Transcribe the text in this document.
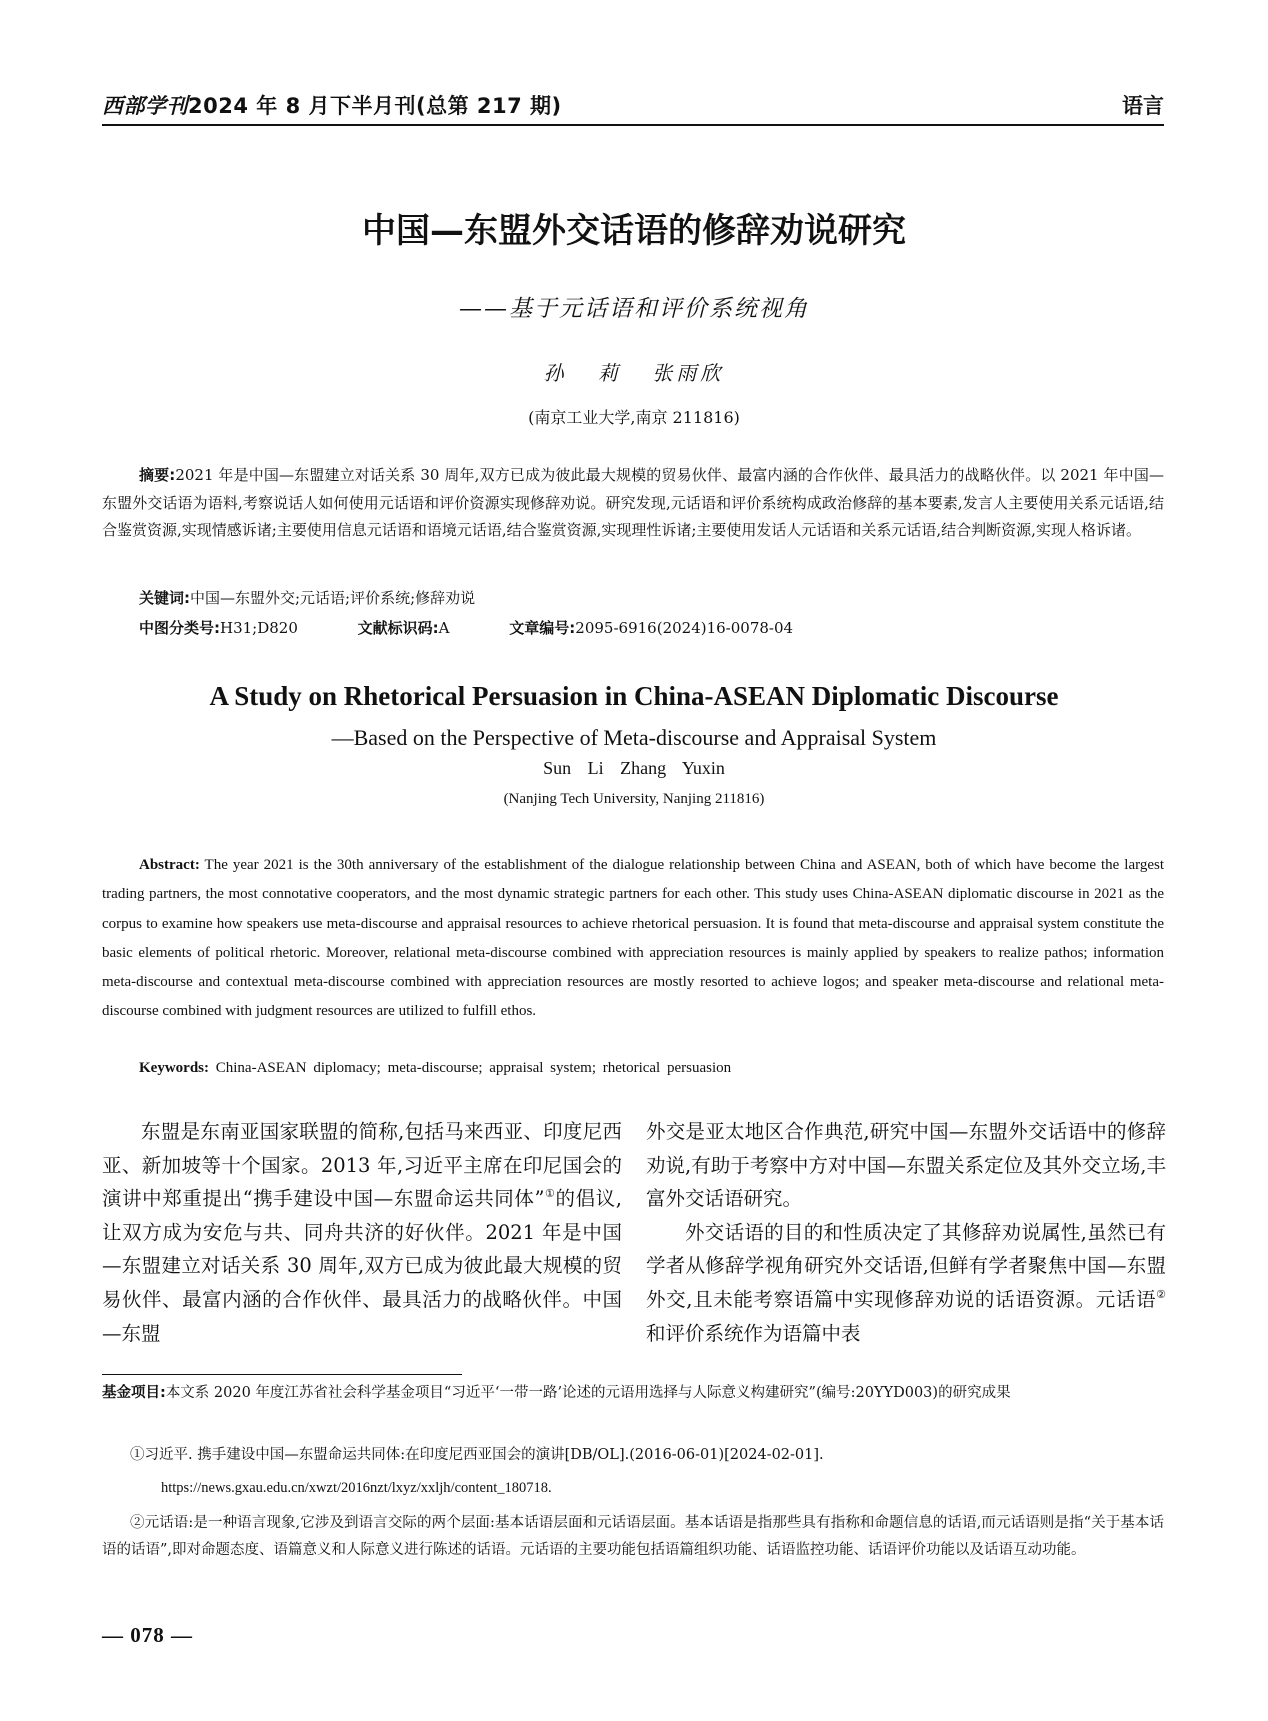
西部学刊2024 年 8 月下半月刊(总第 217 期)	语言
中国—东盟外交话语的修辞劝说研究
——基于元话语和评价系统视角
孙 莉 张雨欣
(南京工业大学,南京 211816)
摘要:2021 年是中国—东盟建立对话关系 30 周年,双方已成为彼此最大规模的贸易伙伴、最富内涵的合作伙伴、最具活力的战略伙伴。以 2021 年中国—东盟外交话语为语料,考察说话人如何使用元话语和评价资源实现修辞劝说。研究发现,元话语和评价系统构成政治修辞的基本要素,发言人主要使用关系元话语,结合鉴赏资源,实现情感诉诸;主要使用信息元话语和语境元话语,结合鉴赏资源,实现理性诉诸;主要使用发话人元话语和关系元话语,结合判断资源,实现人格诉诸。
关键词:中国—东盟外交;元话语;评价系统;修辞劝说
中图分类号:H31;D820	文献标识码:A	文章编号:2095-6916(2024)16-0078-04
A Study on Rhetorical Persuasion in China-ASEAN Diplomatic Discourse
—Based on the Perspective of Meta-discourse and Appraisal System
Sun Li Zhang Yuxin
(Nanjing Tech University, Nanjing 211816)
Abstract: The year 2021 is the 30th anniversary of the establishment of the dialogue relationship between China and ASEAN, both of which have become the largest trading partners, the most connotative cooperators, and the most dynamic strategic partners for each other. This study uses China-ASEAN diplomatic discourse in 2021 as the corpus to examine how speakers use meta-discourse and appraisal resources to achieve rhetorical persuasion. It is found that meta-discourse and appraisal system constitute the basic elements of political rhetoric. Moreover, relational meta-discourse combined with appreciation resources is mainly applied by speakers to realize pathos; information meta-discourse and contextual meta-discourse combined with appreciation resources are mostly resorted to achieve logos; and speaker meta-discourse and relational meta-discourse combined with judgment resources are utilized to fulfill ethos.
Keywords: China-ASEAN diplomacy; meta-discourse; appraisal system; rhetorical persuasion

东盟是东南亚国家联盟的简称,包括马来西亚、印度尼西亚、新加坡等十个国家。2013 年,习近平主席在印尼国会的演讲中郑重提出“携手建设中国—东盟命运共同体”①的倡议,让双方成为安危与共、同舟共济的好伙伴。2021 年是中国—东盟建立对话关系 30 周年,双方已成为彼此最大规模的贸易伙伴、最富内涵的合作伙伴、最具活力的战略伙伴。中国—东盟

外交是亚太地区合作典范,研究中国—东盟外交话语中的修辞劝说,有助于考察中方对中国—东盟关系定位及其外交立场,丰富外交话语研究。

外交话语的目的和性质决定了其修辞劝说属性,虽然已有学者从修辞学视角研究外交话语,但鲜有学者聚焦中国—东盟外交,且未能考察语篇中实现修辞劝说的话语资源。元话语②和评价系统作为语篇中表

基金项目:本文系 2020 年度江苏省社会科学基金项目“习近平‘一带一路’论述的元语用选择与人际意义构建研究”(编号:20YYD003)的研究成果
①习近平. 携手建设中国—东盟命运共同体:在印度尼西亚国会的演讲[DB/OL].(2016-06-01)[2024-02-01].
https://news.gxau.edu.cn/xwzt/2016nzt/lxyz/xxljh/content_180718.
②元话语:是一种语言现象,它涉及到语言交际的两个层面:基本话语层面和元话语层面。基本话语是指那些具有指称和命题信息的话语,而元话语则是指“关于基本话语的话语”,即对命题态度、语篇意义和人际意义进行陈述的话语。元话语的主要功能包括语篇组织功能、话语监控功能、话语评价功能以及话语互动功能。
— 078 —
